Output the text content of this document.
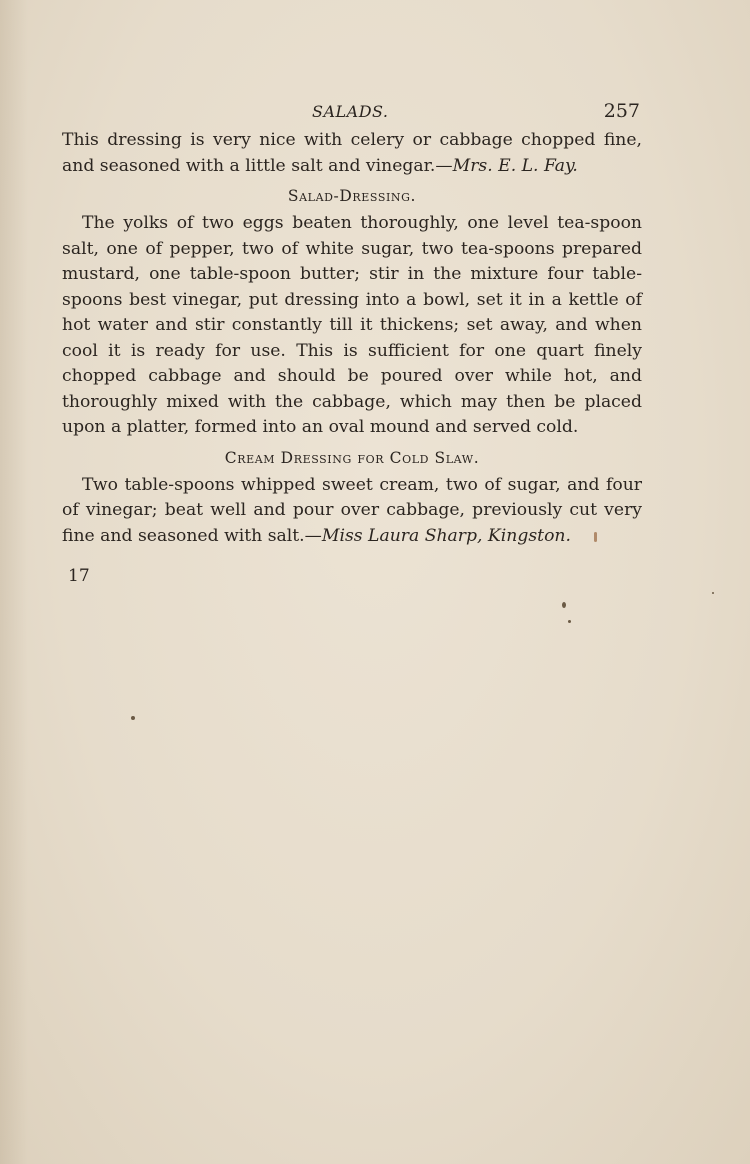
SALADS.	257

This dressing is very nice with celery or cabbage chopped fine, and seasoned with a little salt and vinegar.—Mrs. E. L. Fay.

Salad-Dressing.

The yolks of two eggs beaten thoroughly, one level tea-spoon salt, one of pepper, two of white sugar, two tea-spoons prepared mustard, one table-spoon butter; stir in the mixture four table-spoons best vinegar, put dressing into a bowl, set it in a kettle of hot water and stir constantly till it thickens; set away, and when cool it is ready for use. This is sufficient for one quart finely chopped cabbage and should be poured over while hot, and thoroughly mixed with the cabbage, which may then be placed upon a platter, formed into an oval mound and served cold.

Cream Dressing for Cold Slaw.

Two table-spoons whipped sweet cream, two of sugar, and four of vinegar; beat well and pour over cabbage, previously cut very fine and seasoned with salt.—Miss Laura Sharp, Kingston.

17
